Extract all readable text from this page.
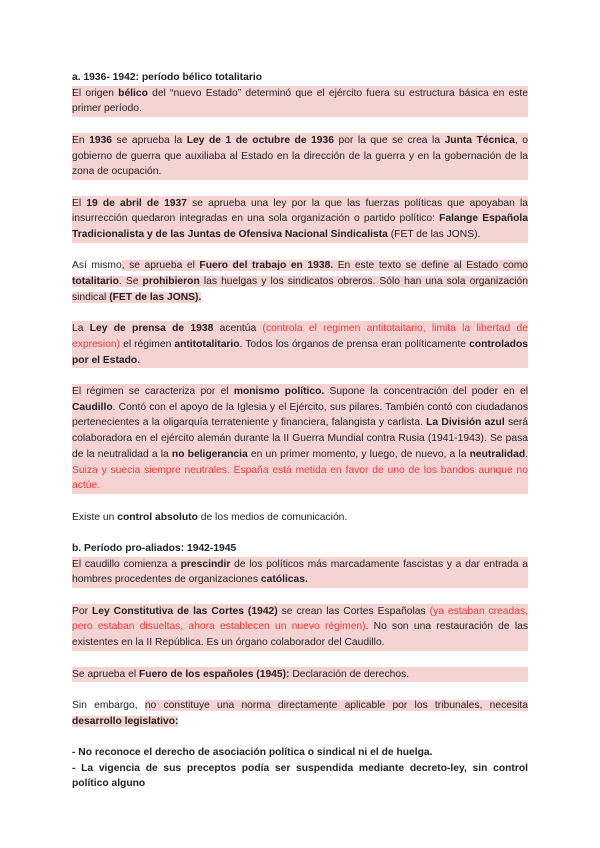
a. 1936- 1942: período bélico totalitario

El origen bélico del “nuevo Estado” determinó que el ejército fuera su estructura básica en este primer período.

En 1936 se aprueba la Ley de 1 de octubre de 1936 por la que se crea la Junta Técnica, o gobierno de guerra que auxiliaba al Estado en la dirección de la guerra y en la gobernación de la zona de ocupación.

El 19 de abril de 1937 se aprueba una ley por la que las fuerzas políticas que apoyaban la insurrección quedaron integradas en una sola organización o partido político: Falange Española Tradicionalista y de las Juntas de Ofensiva Nacional Sindicalista (FET de las JONS).

Así mismo, se aprueba el Fuero del trabajo en 1938. En este texto se define al Estado como totalitario. Se prohibieron las huelgas y los sindicatos obreros. Sólo han una sola organización sindical (FET de las JONS).

La Ley de prensa de 1938 acentúa (controla el regimen antitotaitario, limita la libertad de expresion) el régimen antitotalitario. Todos los órganos de prensa eran políticamente controlados por el Estado.

El régimen se caracteriza por el monismo político. Supone la concentración del poder en el Caudillo. Contó con el apoyo de la Iglesia y el Ejército, sus pilares. También contó con ciudadanos pertenecientes a la oligarquía terrateniente y financiera, falangista y carlista. La División azul será colaboradora en el ejército alemán durante la II Guerra Mundial contra Rusia (1941-1943). Se pasa de la neutralidad a la no beligerancia en un primer momento, y luego, de nuevo, a la neutralidad. Suiza y suecia siempre neutrales. España está metida en favor de uno de los bandos aunque no actúe.

Existe un control absoluto de los medios de comunicación.

b. Período pro-aliados: 1942-1945

El caudillo comienza a prescindir de los políticos más marcadamente fascistas y a dar entrada a hombres procedentes de organizaciones católicas.

Por Ley Constitutiva de las Cortes (1942) se crean las Cortes Españolas (ya estaban creadas, pero estaban disueltas, ahora establecen un nuevo régimen). No son una restauración de las existentes en la II República. Es un órgano colaborador del Caudillo.

Se aprueba el Fuero de los españoles (1945): Declaración de derechos.

Sin embargo, no constituye una norma directamente aplicable por los tribunales, necesita desarrollo legislativo:

- No reconoce el derecho de asociación política o sindical ni el de huelga.

- La vigencia de sus preceptos podía ser suspendida mediante decreto-ley, sin control político alguno
